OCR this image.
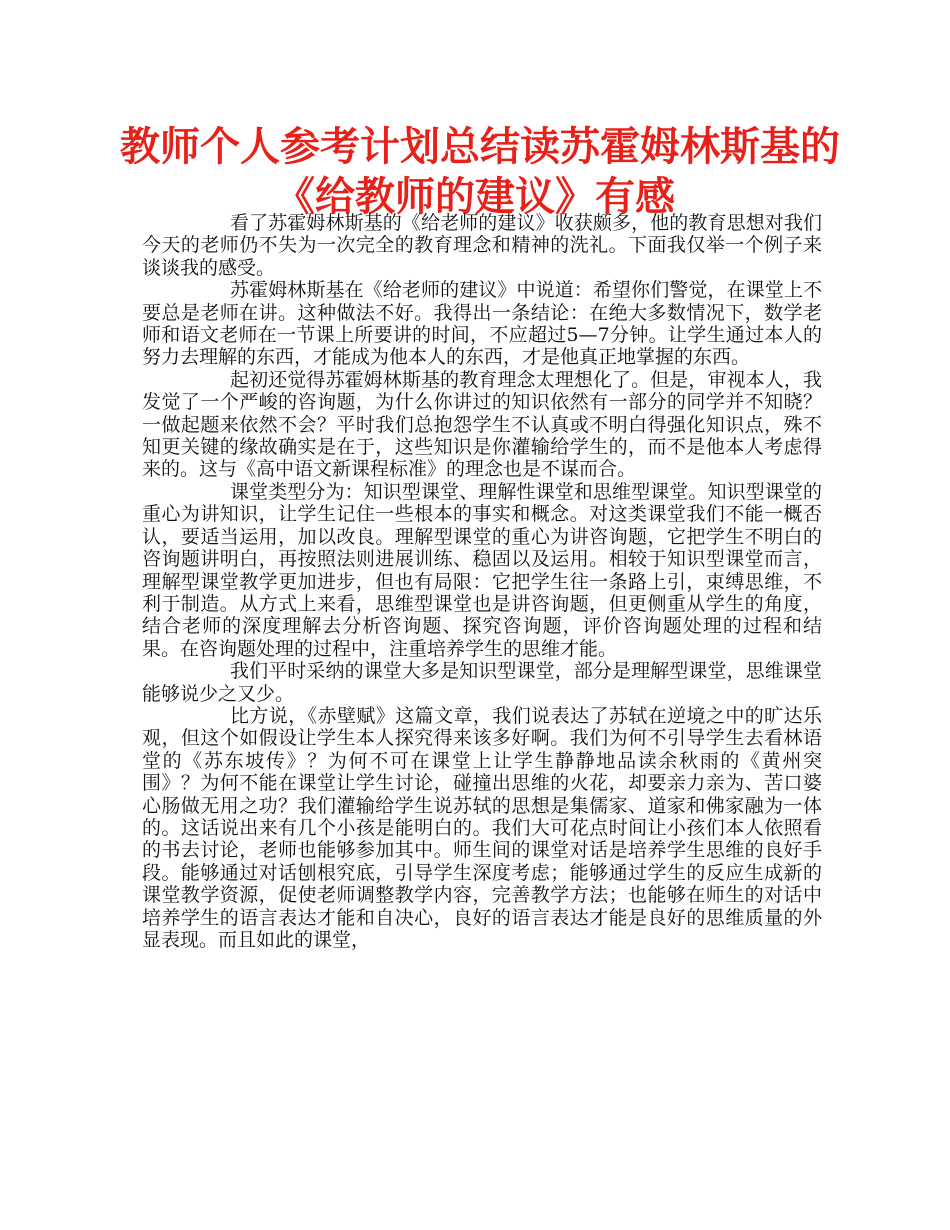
教师个人参考计划总结读苏霍姆林斯基的
《给教师的建议》有感

看了苏霍姆林斯基的《给老师的建议》收获颇多，他的教育思想对我们今天的老师仍不失为一次完全的教育理念和精神的洗礼。下面我仅举一个例子来谈谈我的感受。

苏霍姆林斯基在《给老师的建议》中说道：希望你们警觉，在课堂上不要总是老师在讲。这种做法不好。我得出一条结论：在绝大多数情况下，数学老师和语文老师在一节课上所要讲的时间，不应超过5—7分钟。让学生通过本人的努力去理解的东西，才能成为他本人的东西，才是他真正地掌握的东西。

起初还觉得苏霍姆林斯基的教育理念太理想化了。但是，审视本人，我发觉了一个严峻的咨询题，为什么你讲过的知识依然有一部分的同学并不知晓？一做起题来依然不会？平时我们总抱怨学生不认真或不明白得强化知识点，殊不知更关键的缘故确实是在于，这些知识是你灌输给学生的，而不是他本人考虑得来的。这与《高中语文新课程标准》的理念也是不谋而合。

课堂类型分为：知识型课堂、理解性课堂和思维型课堂。知识型课堂的重心为讲知识，让学生记住一些根本的事实和概念。对这类课堂我们不能一概否认，要适当运用，加以改良。理解型课堂的重心为讲咨询题，它把学生不明白的咨询题讲明白，再按照法则进展训练、稳固以及运用。相较于知识型课堂而言，理解型课堂教学更加进步，但也有局限：它把学生往一条路上引，束缚思维，不利于制造。从方式上来看，思维型课堂也是讲咨询题，但更侧重从学生的角度，结合老师的深度理解去分析咨询题、探究咨询题，评价咨询题处理的过程和结果。在咨询题处理的过程中，注重培养学生的思维才能。

我们平时采纳的课堂大多是知识型课堂，部分是理解型课堂，思维课堂能够说少之又少。

比方说，《赤壁赋》这篇文章，我们说表达了苏轼在逆境之中的旷达乐观，但这个如假设让学生本人探究得来该多好啊。我们为何不引导学生去看林语堂的《苏东坡传》？为何不可在课堂上让学生静静地品读余秋雨的《黄州突围》？为何不能在课堂让学生讨论，碰撞出思维的火花，却要亲力亲为、苦口婆心肠做无用之功？我们灌输给学生说苏轼的思想是集儒家、道家和佛家融为一体的。这话说出来有几个小孩是能明白的。我们大可花点时间让小孩们本人依照看的书去讨论，老师也能够参加其中。师生间的课堂对话是培养学生思维的良好手段。能够通过对话刨根究底，引导学生深度考虑；能够通过学生的反应生成新的课堂教学资源，促使老师调整教学内容，完善教学方法；也能够在师生的对话中培养学生的语言表达才能和自决心，良好的语言表达才能是良好的思维质量的外显表现。而且如此的课堂，
